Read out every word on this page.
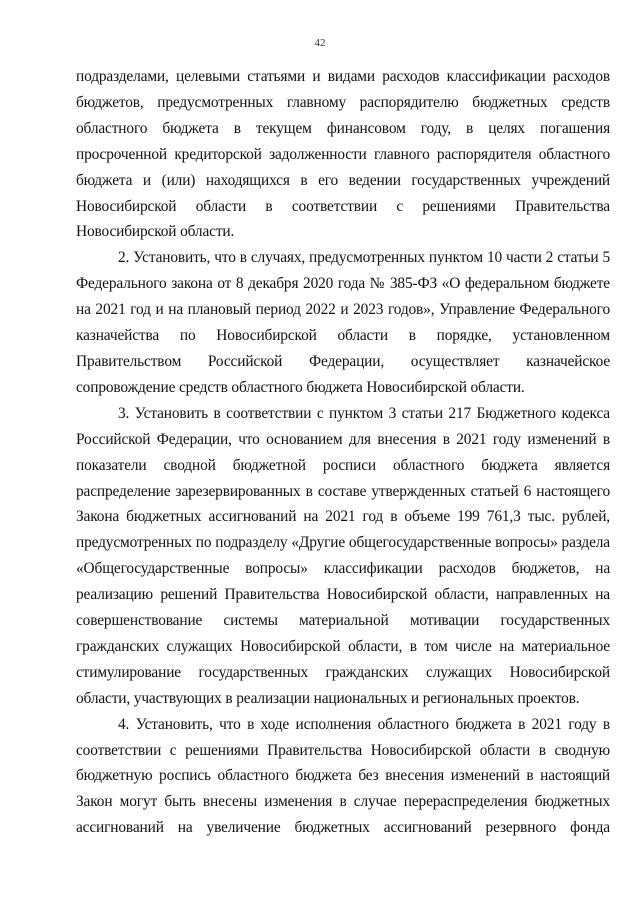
42

подразделами, целевыми статьями и видами расходов классификации расходов бюджетов, предусмотренных главному распорядителю бюджетных средств областного бюджета в текущем финансовом году, в целях погашения просроченной кредиторской задолженности главного распорядителя областного бюджета и (или) находящихся в его ведении государственных учреждений Новосибирской области в соответствии с решениями Правительства Новосибирской области.

2. Установить, что в случаях, предусмотренных пунктом 10 части 2 статьи 5 Федерального закона от 8 декабря 2020 года № 385-ФЗ «О федеральном бюджете на 2021 год и на плановый период 2022 и 2023 годов», Управление Федерального казначейства по Новосибирской области в порядке, установленном Правительством Российской Федерации, осуществляет казначейское сопровождение средств областного бюджета Новосибирской области.

3. Установить в соответствии с пунктом 3 статьи 217 Бюджетного кодекса Российской Федерации, что основанием для внесения в 2021 году изменений в показатели сводной бюджетной росписи областного бюджета является распределение зарезервированных в составе утвержденных статьей 6 настоящего Закона бюджетных ассигнований на 2021 год в объеме 199 761,3 тыс. рублей, предусмотренных по подразделу «Другие общегосударственные вопросы» раздела «Общегосударственные вопросы» классификации расходов бюджетов, на реализацию решений Правительства Новосибирской области, направленных на совершенствование системы материальной мотивации государственных гражданских служащих Новосибирской области, в том числе на материальное стимулирование государственных гражданских служащих Новосибирской области, участвующих в реализации национальных и региональных проектов.

4. Установить, что в ходе исполнения областного бюджета в 2021 году в соответствии с решениями Правительства Новосибирской области в сводную бюджетную роспись областного бюджета без внесения изменений в настоящий Закон могут быть внесены изменения в случае перераспределения бюджетных ассигнований на увеличение бюджетных ассигнований резервного фонда
